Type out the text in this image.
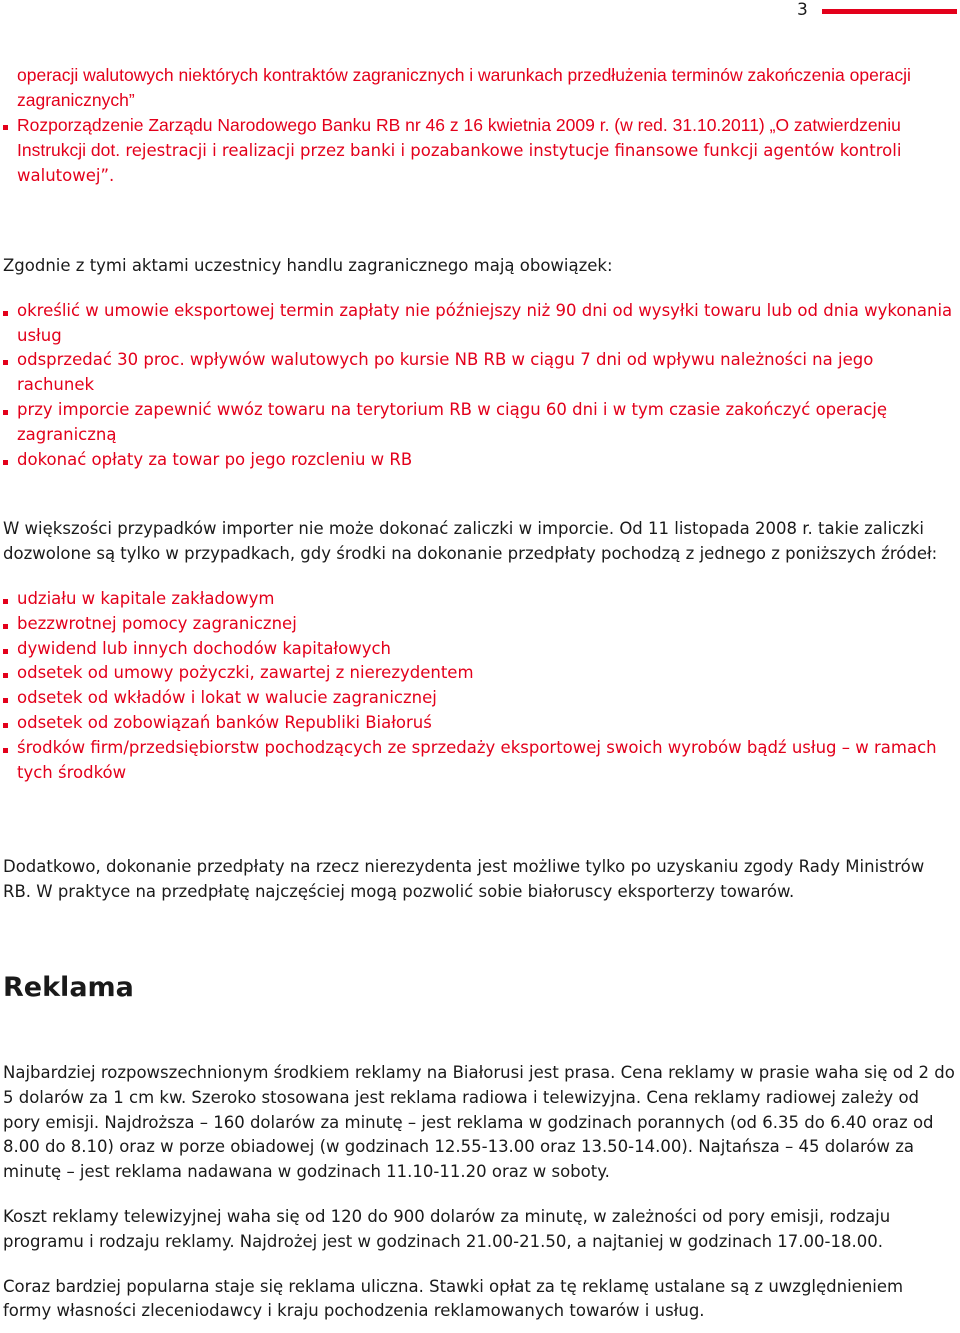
3

operacji walutowych niektórych kontraktów zagranicznych i warunkach przedłużenia terminów zakończenia operacji zagranicznych”

Rozporządzenie Zarządu Narodowego Banku RB nr 46 z 16 kwietnia 2009 r. (w red. 31.10.2011) „O zatwierdzeniu Instrukcji dot. rejestracji i realizacji przez banki i pozabankowe instytucje finansowe funkcji agentów kontroli walutowej”.

Zgodnie z tymi aktami uczestnicy handlu zagranicznego mają obowiązek:

określić w umowie eksportowej termin zapłaty nie późniejszy niż 90 dni od wysyłki towaru lub od dnia wykonania usług
odsprzedać 30 proc. wpływów walutowych po kursie NB RB w ciągu 7 dni od wpływu należności na jego rachunek
przy imporcie zapewnić wwóz towaru na terytorium RB w ciągu 60 dni i w tym czasie zakończyć operację zagraniczną
dokonać opłaty za towar po jego rozcleniu w RB

W większości przypadków importer nie może dokonać zaliczki w imporcie. Od 11 listopada 2008 r. takie zaliczki dozwolone są tylko w przypadkach, gdy środki na dokonanie przedpłaty pochodzą z jednego z poniższych źródeł:

udziału w kapitale zakładowym
bezzwrotnej pomocy zagranicznej
dywidend lub innych dochodów kapitałowych
odsetek od umowy pożyczki, zawartej z nierezydentem
odsetek od wkładów i lokat w walucie zagranicznej
odsetek od zobowiązań banków Republiki Białoruś
środków firm/przedsiębiorstw pochodzących ze sprzedaży eksportowej swoich wyrobów bądź usług – w ramach tych środków

Dodatkowo, dokonanie przedpłaty na rzecz nierezydenta jest możliwe tylko po uzyskaniu zgody Rady Ministrów RB. W praktyce na przedpłatę najczęściej mogą pozwolić sobie białoruscy eksporterzy towarów.

Reklama

Najbardziej rozpowszechnionym środkiem reklamy na Białorusi jest prasa. Cena reklamy w prasie waha się od 2 do 5 dolarów za 1 cm kw. Szeroko stosowana jest reklama radiowa i telewizyjna. Cena reklamy radiowej zależy od pory emisji. Najdroższa – 160 dolarów za minutę – jest reklama w godzinach porannych (od 6.35 do 6.40 oraz od 8.00 do 8.10) oraz w porze obiadowej (w godzinach 12.55-13.00 oraz 13.50-14.00). Najtańsza – 45 dolarów za minutę – jest reklama nadawana w godzinach 11.10-11.20 oraz w soboty.

Koszt reklamy telewizyjnej waha się od 120 do 900 dolarów za minutę, w zależności od pory emisji, rodzaju programu i rodzaju reklamy. Najdrożej jest w godzinach 21.00-21.50, a najtaniej w godzinach 17.00-18.00.

Coraz bardziej popularna staje się reklama uliczna. Stawki opłat za tę reklamę ustalane są z uwzględnieniem formy własności zleceniodawcy i kraju pochodzenia reklamowanych towarów i usług.
